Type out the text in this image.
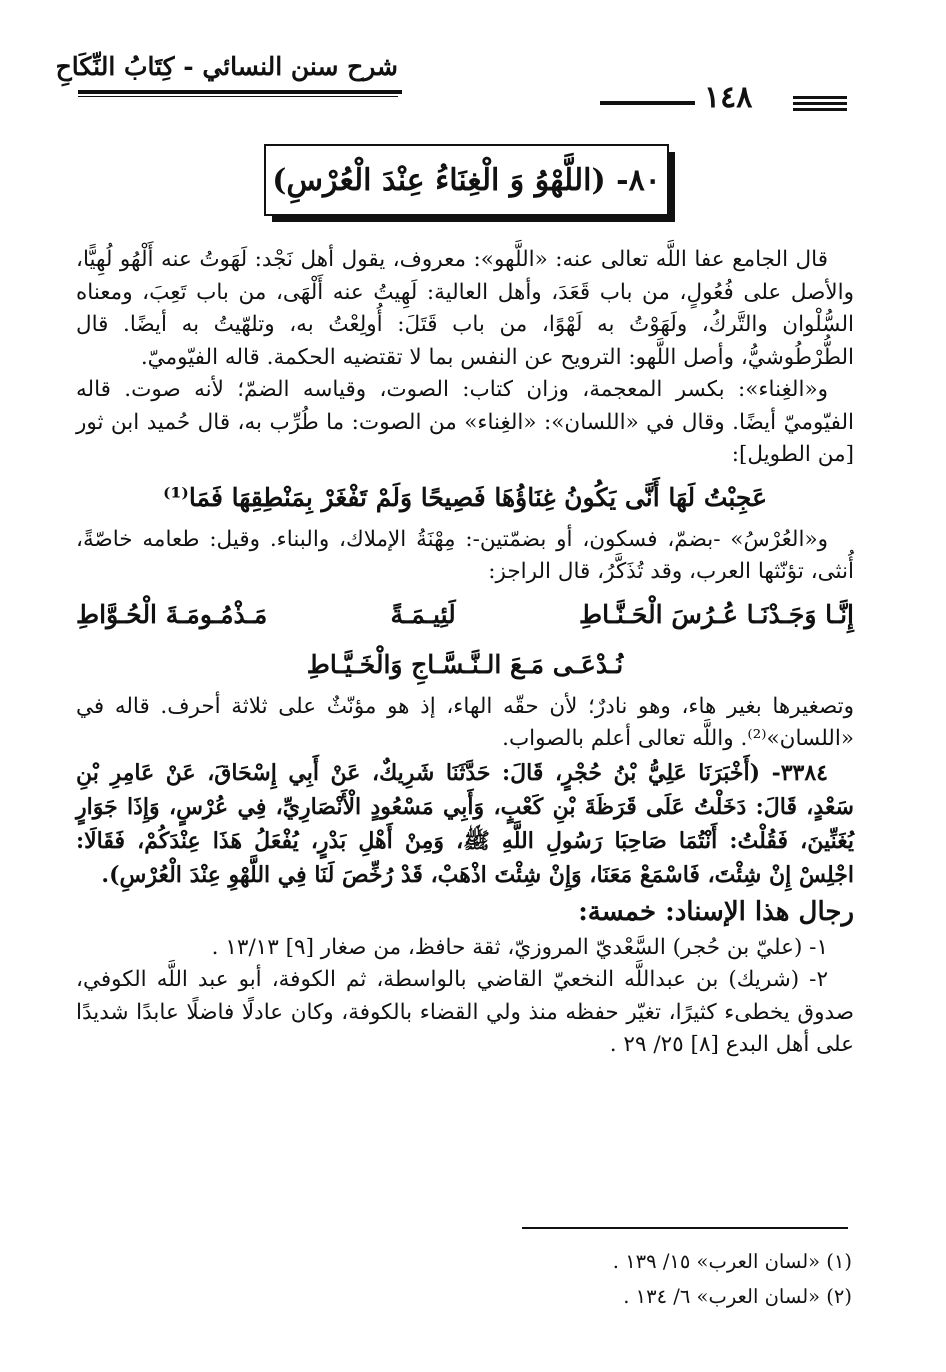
شرح سنن النسائي - كِتَابُ النِّكَاحِ
١٤٨
٨٠- (اللَّهْوُ وَ الْغِنَاءُ عِنْدَ الْعُرْسِ)

قال الجامع عفا اللَّه تعالى عنه: «اللَّهو»: معروف، يقول أهل نَجْد: لَهَوتُ عنه أَلْهُو لُهِيًّا، والأصل على فُعُولٍ، من باب قَعَدَ، وأهل العالية: لَهِيتُ عنه أَلْهَى، من باب تَعِبَ، ومعناه السُّلْوان والتَّركُ، ولَهَوْتُ به لَهْوًا، من باب قَتَلَ: أُولِعْتُ به، وتلهّيتُ به أيضًا. قال الطُّرْطُوشيُّ، وأصل اللَّهو: الترويح عن النفس بما لا تقتضيه الحكمة. قاله الفيّوميّ.

و«الغِناء»: بكسر المعجمة، وزان كتاب: الصوت، وقياسه الضمّ؛ لأنه صوت. قاله الفيّوميّ أيضًا. وقال في «اللسان»: «الغِناء» من الصوت: ما طُرِّب به، قال حُميد ابن ثور [من الطويل]:

عَجِبْتُ لَهَا أَنَّى يَكُونُ غِنَاؤُهَا فَصِيحًا وَلَمْ تَفْغَرْ بِمَنْطِقِهَا فَمَا⁽¹⁾

و«العُرْسُ» -بضمّ، فسكون، أو بضمّتين-: مِهْنَةُ الإملاك، والبناء. وقيل: طعامه خاصّةً، أُنثى، تؤنّثها العرب، وقد تُذَكَّرُ، قال الراجز:

إِنَّـا وَجَـدْنَـا عُـرُسَ الْحَـنَّـاطِ
لَئِيـمَـةً
مَـذْمُـومَـةَ الْحُـوَّاطِ
نُـدْعَـى مَـعَ الـنَّـسَّـاجِ وَالْخَـيَّـاطِ

وتصغيرها بغير هاء، وهو نادرٌ؛ لأن حقّه الهاء، إذ هو مؤنّثٌ على ثلاثة أحرف. قاله في «اللسان»⁽²⁾. واللَّه تعالى أعلم بالصواب.

٣٣٨٤- (أَخْبَرَنَا عَلِيُّ بْنُ حُجْرٍ، قَالَ: حَدَّثَنَا شَرِيكٌ، عَنْ أَبِي إِسْحَاقَ، عَنْ عَامِرِ بْنِ سَعْدٍ، قَالَ: دَخَلْتُ عَلَى قَرَظَةَ بْنِ كَعْبٍ، وَأَبِي مَسْعُودٍ الْأَنْصَارِيِّ، فِي عُرْسٍ، وَإِذَا جَوَارٍ يُغَنِّينَ، فَقُلْتُ: أَنْتُمَا صَاحِبَا رَسُولِ اللَّهِ ﷺ، وَمِنْ أَهْلِ بَدْرٍ، يُفْعَلُ هَذَا عِنْدَكُمْ، فَقَالَا: اجْلِسْ إِنْ شِئْتَ، فَاسْمَعْ مَعَنَا، وَإِنْ شِئْتَ اذْهَبْ، قَدْ رُخِّصَ لَنَا فِي اللَّهْوِ عِنْدَ الْعُرْسِ).

رجال هذا الإسناد: خمسة:

١- (عليّ بن حُجر) السَّعْديّ المروزيّ، ثقة حافظ، من صغار [٩] ١٣/١٣ .

٢- (شريك) بن عبداللَّه النخعيّ القاضي بالواسطة، ثم الكوفة، أبو عبد اللَّه الكوفي، صدوق يخطىء كثيرًا، تغيّر حفظه منذ ولي القضاء بالكوفة، وكان عادلًا فاضلًا عابدًا شديدًا على أهل البدع [٨] ٢٥/ ٢٩ .

(١) «لسان العرب» ١٥/ ١٣٩ .

(٢) «لسان العرب» ٦/ ١٣٤ .
